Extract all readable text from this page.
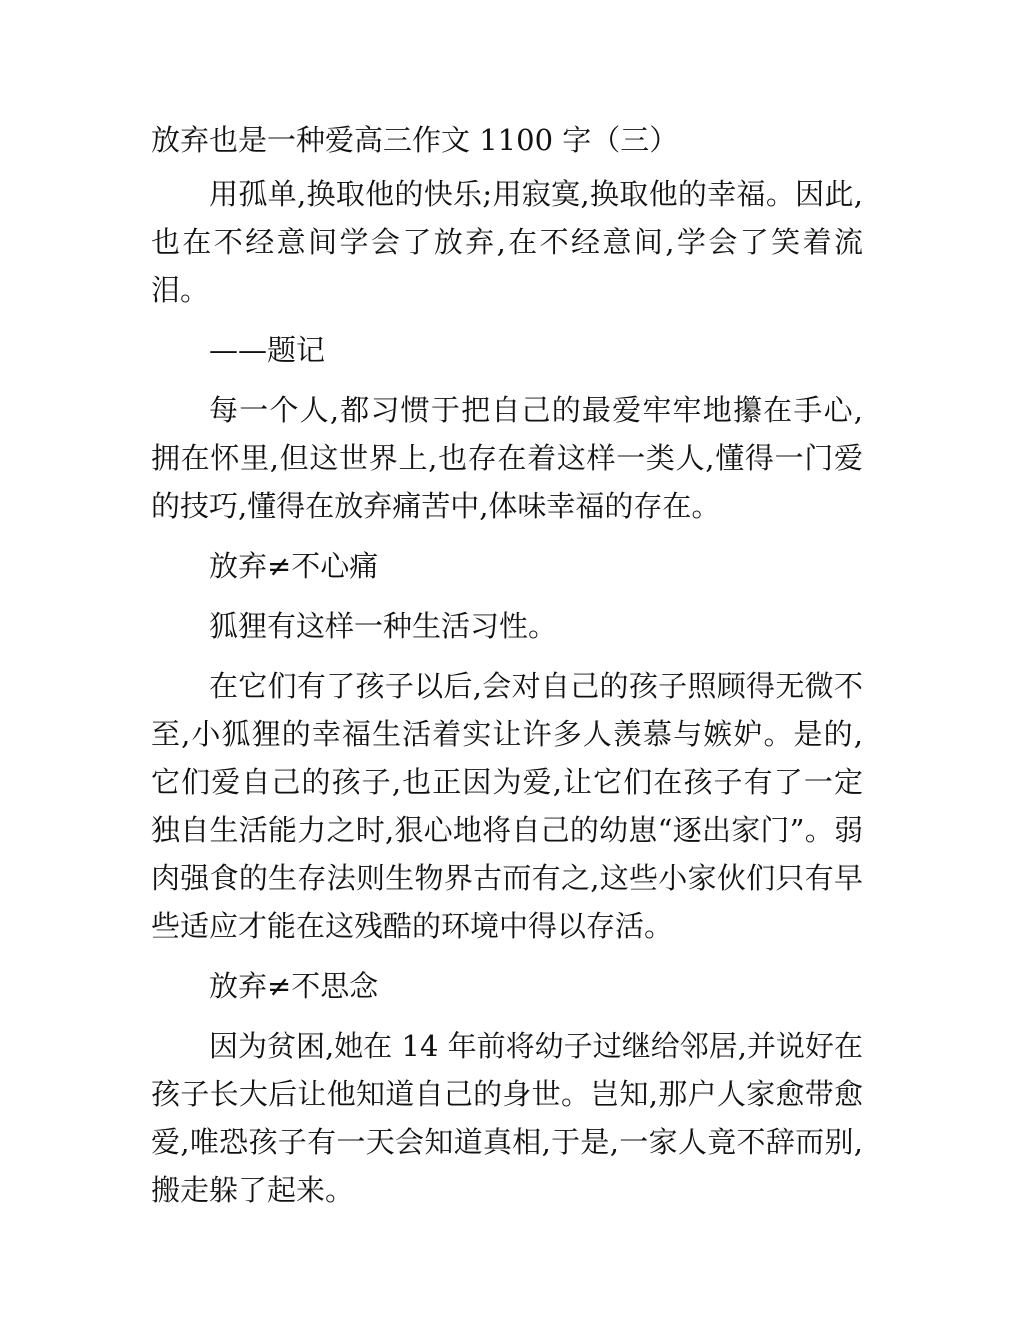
放弃也是一种爱高三作文 1100 字（三）

用孤单,换取他的快乐;用寂寞,换取他的幸福。因此,也在不经意间学会了放弃,在不经意间,学会了笑着流泪。

——题记

每一个人,都习惯于把自己的最爱牢牢地攥在手心,拥在怀里,但这世界上,也存在着这样一类人,懂得一门爱的技巧,懂得在放弃痛苦中,体味幸福的存在。

放弃≠不心痛

狐狸有这样一种生活习性。

在它们有了孩子以后,会对自己的孩子照顾得无微不至,小狐狸的幸福生活着实让许多人羡慕与嫉妒。是的,它们爱自己的孩子,也正因为爱,让它们在孩子有了一定独自生活能力之时,狠心地将自己的幼崽“逐出家门”。弱肉强食的生存法则生物界古而有之,这些小家伙们只有早些适应才能在这残酷的环境中得以存活。

放弃≠不思念

因为贫困,她在 14 年前将幼子过继给邻居,并说好在孩子长大后让他知道自己的身世。岂知,那户人家愈带愈爱,唯恐孩子有一天会知道真相,于是,一家人竟不辞而别,搬走躲了起来。
